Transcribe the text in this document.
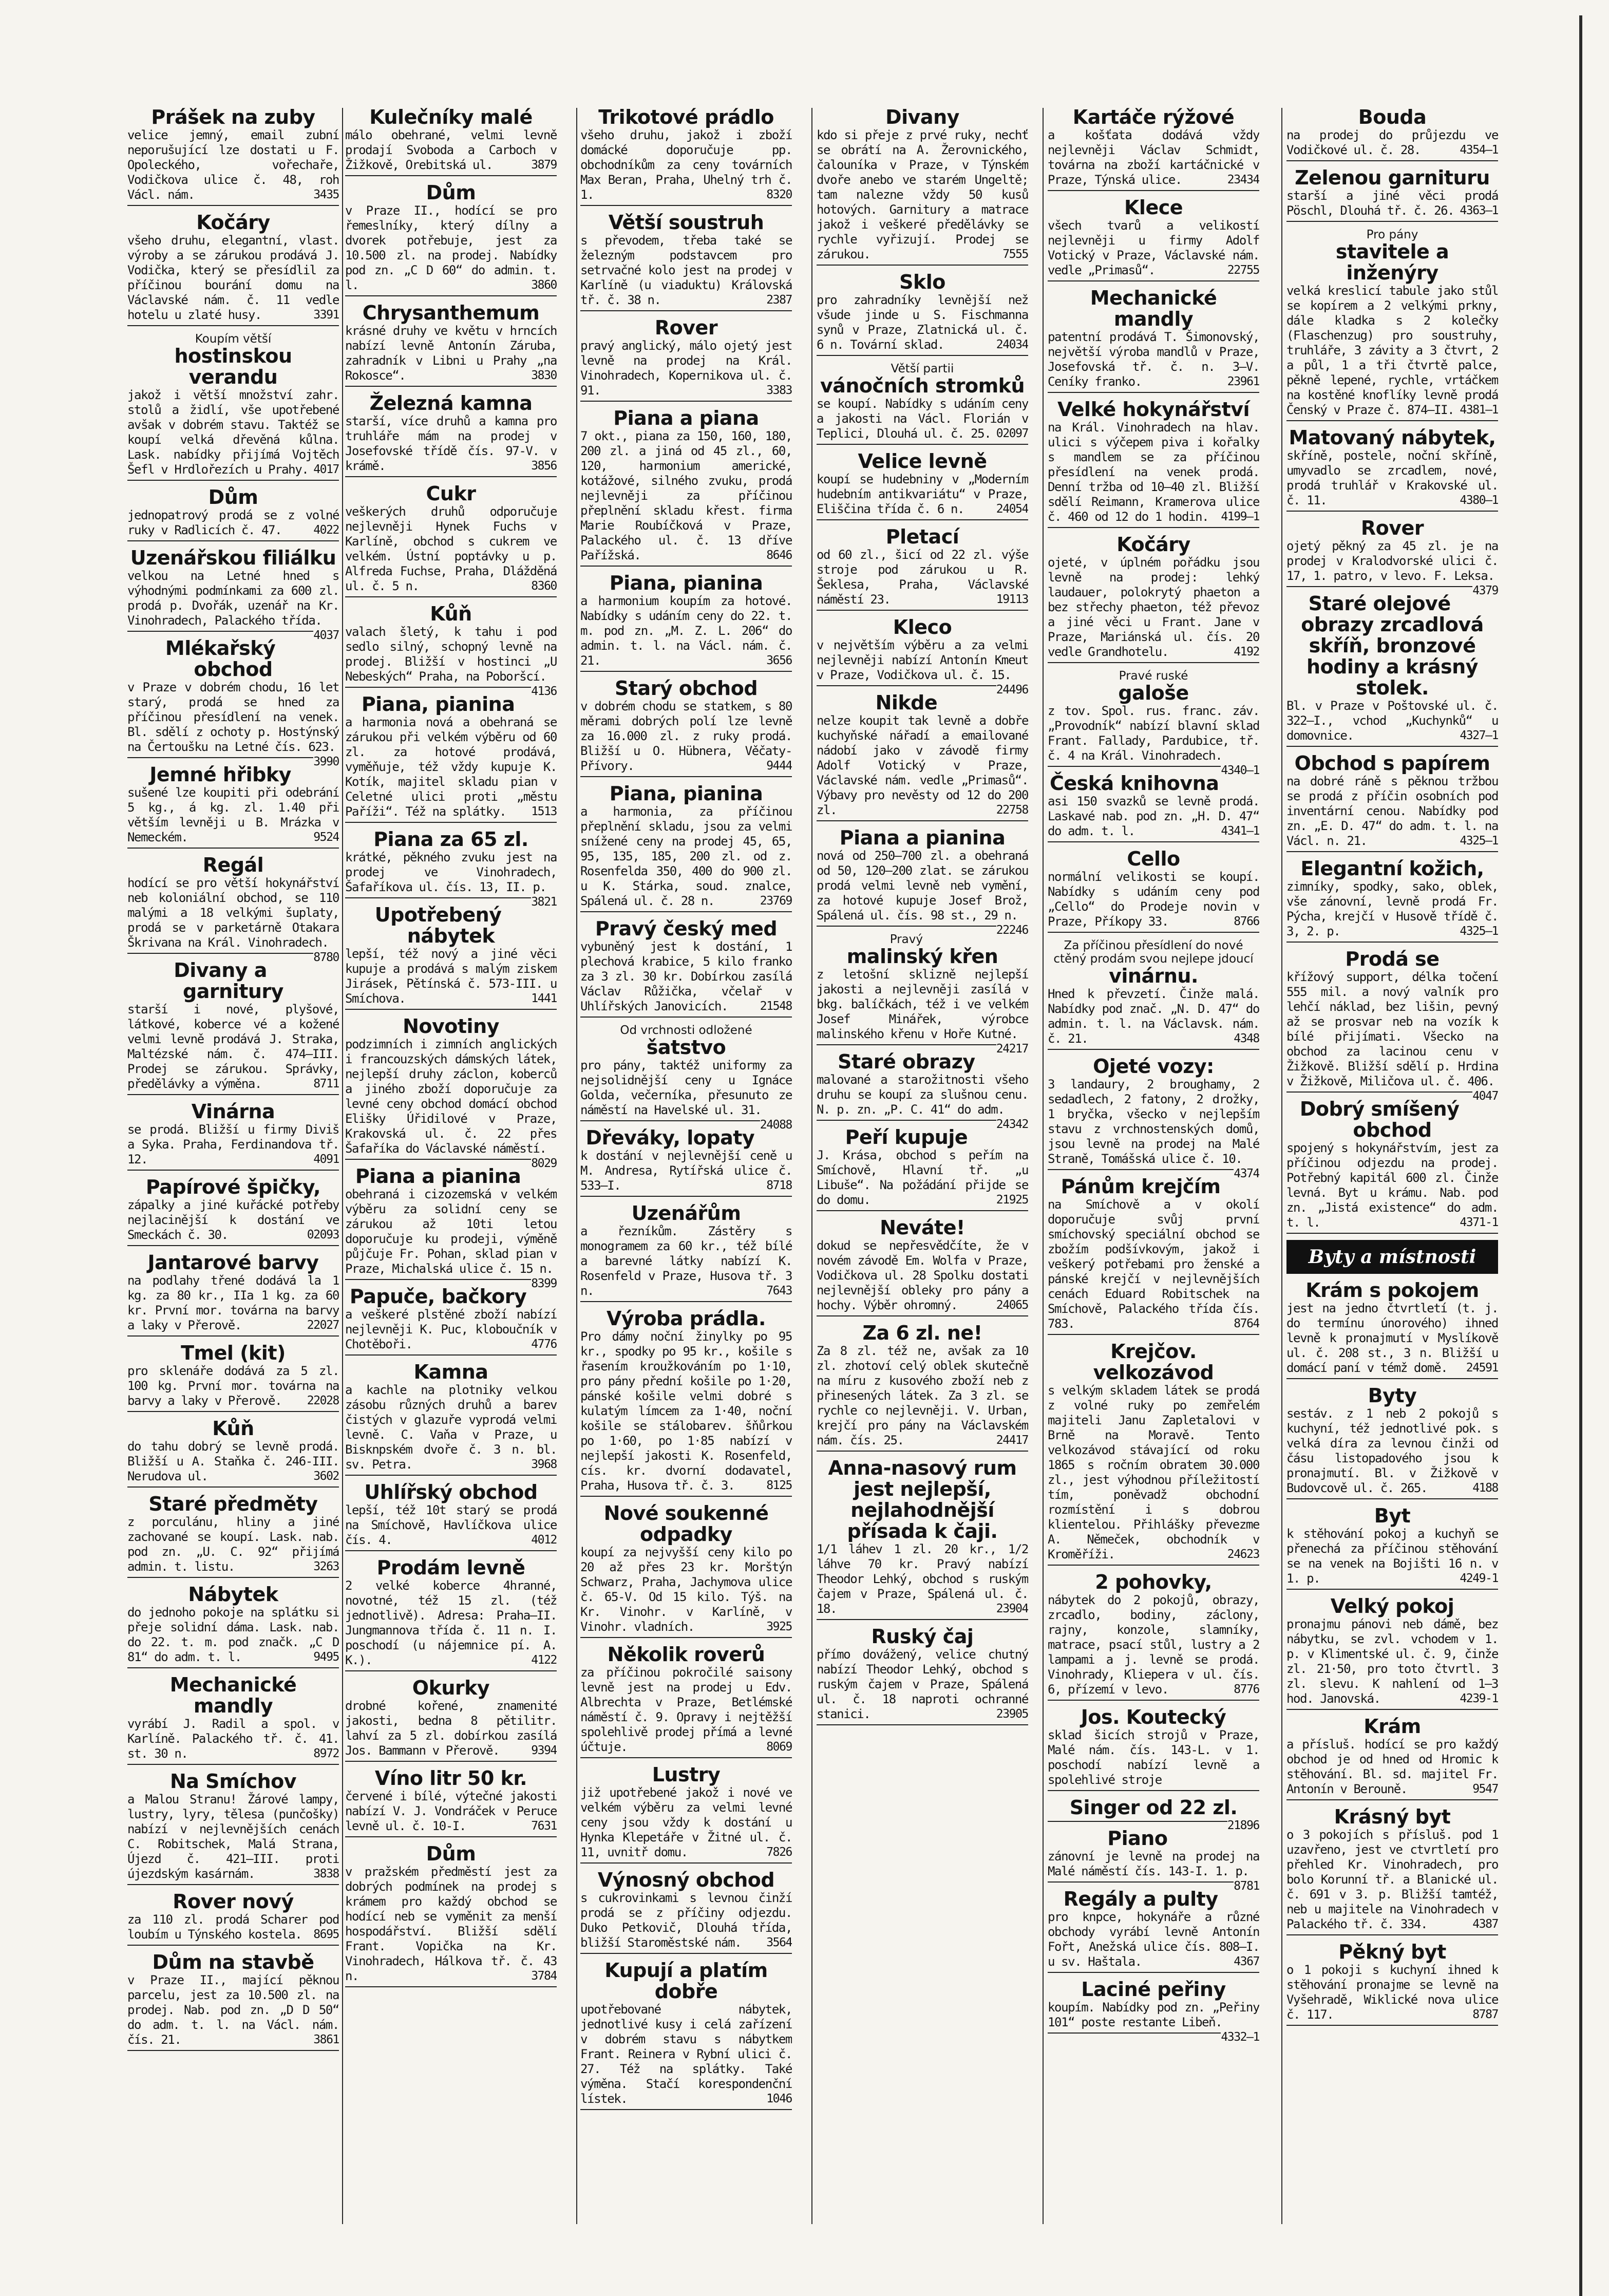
Prášek na zuby

velice jemný, email zubní neporušující lze dostati u F. Opoleckého, vořechaře, Vodičkova ulice č. 48, roh Václ. nám.	3435

Kočáry

všeho druhu, elegantní, vlast. výroby a se zárukou prodává J. Vodička, který se přesídlil za příčinou bourání domu na Václavské nám. č. 11 vedle hotelu u zlaté husy.	3391

Koupím větší
hostinskou verandu

jakož i větší množství zahr. stolů a židlí, vše upotřebené avšak v dobrém stavu. Taktéž se koupí velká dřevěná kůlna. Lask. nabídky přijímá Vojtěch Šefl v Hrdlořezích u Prahy. 4017

Dům

jednopatrový prodá se z volné ruky v Radlicích č. 47.	4022

Uzenářskou filiálku

velkou na Letné hned s výhodnými podmínkami za 600 zl. prodá p. Dvořák, uzenář na Kr. Vinohradech, Palackého třída.
4037

Mlékařský obchod

v Praze v dobrém chodu, 16 let starý, prodá se hned za příčinou přesídlení na venek. Bl. sdělí z ochoty p. Hostýnský na Čertoušku na Letné čís. 623.
3990

Jemné hřibky

sušené lze koupiti při odebrání 5 kg., á kg. zl. 1.40 při větším levněji u B. Mrázka v Nemeckém.	9524

Regál

hodící se pro větší hokynářství neb koloniální obchod, se 110 malými a 18 velkými šuplaty, prodá se v parketárně Otakara Škrivana na Král. Vinohradech.
8780

Divany a garnitury

starší i nové, plyšové, látkové, koberce vé a kožené velmi levně prodává J. Straka, Maltézské nám. č. 474—III. Prodej se zárukou. Správky, předělávky a výměna.	8711

Vinárna

se prodá. Bližší u firmy Diviš a Syka. Praha, Ferdinandova tř. 12.	4091

Papírové špičky,

zápalky a jiné kuřácké potřeby nejlacinější k dostání ve Smeckách č. 30.	02093

Jantarové barvy

na podlahy třené dodává la 1 kg. za 80 kr., IIa 1 kg. za 60 kr. První mor. továrna na barvy a laky v Přerově.	22027

Tmel (kit)

pro sklenáře dodává za 5 zl. 100 kg. První mor. továrna na barvy a laky v Přerově. 22028

Kůň

do tahu dobrý se levně prodá. Bližší u A. Staňka č. 246-III. Nerudova ul.	3602

Staré předměty

z porculánu, hliny a jiné zachované se koupí. Lask. nab. pod zn. „U. C. 92“ přijímá admin. t. listu.	3263

Nábytek

do jednoho pokoje na splátku si přeje solidní dáma. Lask. nab. do 22. t. m. pod značk. „C D 81“ do adm. t. l.	9495

Mechanické mandly

vyrábí J. Radil a spol. v Karlíně. Palackého tř. č. 41. st. 30 n.	8972

Na Smíchov

a Malou Stranu! Žárové lampy, lustry, lyry, tělesa (punčošky) nabízí v nejlevnějších cenách C. Robitschek, Malá Strana, Újezd č. 421—III. proti újezdským kasárnám.	3838

Rover nový

za 110 zl. prodá Scharer pod loubím u Týnského kostela. 8695

Dům na stavbě

v Praze II., mající pěknou parcelu, jest za 10.500 zl. na prodej. Nab. pod zn. „D D 50“ do adm. t. l. na Václ. nám. čís. 21.	3861

Kulečníky malé

málo obehrané, velmi levně prodají Svoboda a Carboch v Žižkově, Orebitská ul.	3879

Dům

v Praze II., hodící se pro řemeslníky, který dílny a dvorek potřebuje, jest za 10.500 zl. na prodej. Nabídky pod zn. „C D 60“ do admin. t. l.	3860

Chrysanthemum

krásné druhy ve květu v hrncích nabízí levně Antonín Záruba, zahradník v Libni u Prahy „na Rokosce“.	3830

Železná kamna

starší, více druhů a kamna pro truhláře mám na prodej v Josefovské třídě čís. 97-V. v krámě.	3856

Cukr

veškerých druhů odporučuje nejlevněji Hynek Fuchs v Karlíně, obchod s cukrem ve velkém. Ústní poptávky u p. Alfreda Fuchse, Praha, Dlážděná ul. č. 5 n.	8360

Kůň

valach šletý, k tahu i pod sedlo silný, schopný levně na prodej. Bližší v hostinci „U Nebeských“ Praha, na Poboršcí.
4136

Piana, pianina

a harmonia nová a obehraná se zárukou při velkém výběru od 60 zl. za hotové prodává, vyměňuje, též vždy kupuje K. Kotík, majitel skladu pian v Celetné ulici proti „městu Paříži“. Též na splátky. 1513

Piana za 65 zl.

krátké, pěkného zvuku jest na prodej ve Vinohradech, Šafaříkova ul. čís. 13, II. p.
3821

Upotřebený nábytek

lepší, též nový a jiné věci kupuje a prodává s malým ziskem Jirásek, Pětínská č. 573-III. u Smíchova.	1441

Novotiny

podzimních i zimních anglických i francouzských dámských látek, nejlepší druhy záclon, koberců a jiného zboží doporučuje za levné ceny obchod domácí obchod Elišky Úřidilové v Praze, Krakovská ul. č. 22 přes Šafaříka do Václavské náměstí.
8029

Piana a pianina

obehraná i cizozemská v velkém výběru za solidní ceny se zárukou až 10ti letou doporučuje ku prodeji, výměně půjčuje Fr. Pohan, sklad pian v Praze, Michalská ulice č. 15 n.
8399

Papuče, bačkory

a veškeré plstěné zboží nabízí nejlevněji K. Puc, kloboučník v Chotěboři.	4776

Kamna

a kachle na plotniky velkou zásobu různých druhů a barev čistých v glazuře vyprodá velmi levně. C. Vaňa v Praze, u Bisknpském dvoře č. 3 n. bl. sv. Petra.	3968

Uhlířský obchod

lepší, též 10t starý se prodá na Smíchově, Havlíčkova ulice čís. 4.	4012

Prodám levně

2 velké koberce 4hranné, novotné, též 15 zl. (též jednotlivě). Adresa: Praha—II. Jungmannova třída č. 11 n. I. poschodí (u nájemnice pí. A. K.).	4122

Okurky

drobné kořené, znamenité jakosti, bedna 8 pětilitr. lahví za 5 zl. dobírkou zasílá Jos. Bammann v Přerově.	9394

Víno litr 50 kr.

červené i bílé, výtečné jakosti nabízí V. J. Vondráček v Peruce levně ul. č. 10-I.	7631

Dům

v pražském předměstí jest za dobrých podmínek na prodej s krámem pro každý obchod se hodící neb se vyměnit za menší hospodářství. Bližší sdělí Frant. Vopička na Kr. Vinohradech, Hálkova tř. č. 43 n.	3784

Trikotové prádlo

všeho druhu, jakož i zboží domácké doporučuje pp. obchodníkům za ceny továrních Max Beran, Praha, Uhelný trh č. 1.	8320

Větší soustruh

s převodem, třeba také se železným podstavcem pro setrvačné kolo jest na prodej v Karlíně (u viaduktu) Královská tř. č. 38 n.	2387

Rover

pravý anglický, málo ojetý jest levně na prodej na Král. Vinohradech, Kopernikova ul. č. 91.	3383

Piana a piana

7 okt., piana za 150, 160, 180, 200 zl. a jiná od 45 zl., 60, 120, harmonium americké, kotážové, silného zvuku, prodá nejlevněji za příčinou přeplnění skladu křest. firma Marie Roubíčková v Praze, Palackého ul. č. 13 dříve Pařížská.	8646

Piana, pianina

a harmonium koupím za hotové. Nabídky s udáním ceny do 22. t. m. pod zn. „M. Z. L. 206“ do admin. t. l. na Václ. nám. č. 21.	3656

Starý obchod

v dobrém chodu se statkem, s 80 měrami dobrých polí lze levně za 16.000 zl. z ruky prodá. Bližší u O. Hübnera, Věčaty-Přívory.	9444

Piana, pianina

a harmonia, za příčinou přeplnění skladu, jsou za velmi snížené ceny na prodej 45, 65, 95, 135, 185, 200 zl. od z. Rosenfelda 350, 400 do 900 zl. u K. Stárka, soud. znalce, Spálená ul. č. 28 n.	23769

Pravý český med

vybuněný jest k dostání, 1 plechová krabice, 5 kilo franko za 3 zl. 30 kr. Dobírkou zasílá Václav Růžička, včelař v Uhlířských Janovicích.	21548

Od vrchnosti odložené
šatstvo

pro pány, taktéž uniformy za nejsolidnější ceny u Ignáce Golda, večerníka, přesunuto ze náměstí na Havelské ul. 31.
24088

Dřeváky, lopaty

k dostání v nejlevnější ceně u M. Andresa, Rytířská ulice č. 533—I.	8718

Uzenářům

a řezníkům. Zástěry s monogramem za 60 kr., též bílé a barevné látky nabízí K. Rosenfeld v Praze, Husova tř. 3 n.	7643

Výroba prádla.

Pro dámy noční žinylky po 95 kr., spodky po 95 kr., košile s řasením kroužkováním po 1·10, pro pány přední košile po 1·20, pánské košile velmi dobré s kulatým límcem za 1·40, noční košile se stálobarev. šňůrkou po 1·60, po 1·85 nabízí v nejlepší jakosti K. Rosenfeld, cís. kr. dvorní dodavatel, Praha, Husova tř. č. 3.	8125

Nové soukenné odpadky

koupí za nejvyšší ceny kilo po 20 až přes 23 kr. Morštýn Schwarz, Praha, Jachymova ulice č. 65-V. Od 15 kilo. Týš. na Kr. Vinohr. v Karlíně, v Vinohr. vladních.	3925

Několik roverů

za příčinou pokročilé saisony levně jest na prodej u Edv. Albrechta v Praze, Betlémské náměstí č. 9. Opravy i nejtěžší spolehlivě prodej přímá a levné účtuje.	8069

Lustry

již upotřebené jakož i nové ve velkém výběru za velmi levné ceny jsou vždy k dostání u Hynka Klepetáře v Žitné ul. č. 11, uvnitř domu.	7826

Výnosný obchod

s cukrovinkami s levnou činží prodá se z příčiny odjezdu. Duko Petkovič, Dlouhá třída, bližší Staroměstské nám. 3564

Kupují a platím dobře

upotřebované nábytek, jednotlivé kusy i celá zařízení v dobrém stavu s nábytkem Frant. Reinera v Rybní ulici č. 27. Též na splátky. Také výměna. Stačí korespondenční lístek.	1046

Divany

kdo si přeje z prvé ruky, nechť se obrátí na A. Žerovnického, čalouníka v Praze, v Týnském dvoře anebo ve starém Ungeltě; tam nalezne vždy 50 kusů hotových. Garnitury a matrace jakož i veškeré předělávky se rychle vyřizují. Prodej se zárukou.	7555

Sklo

pro zahradníky levnější než všude jinde u S. Fischmanna synů v Praze, Zlatnická ul. č. 6 n. Tovární sklad.	24034

Větší partii
vánočních stromků

se koupí. Nabídky s udáním ceny a jakosti na Václ. Florián v Teplici, Dlouhá ul. č. 25. 02097

Velice levně

koupí se hudebniny v „Moderním hudebním antikvariátu“ v Praze, Eliščina třída č. 6 n.	24054

Pletací

od 60 zl., šicí od 22 zl. výše stroje pod zárukou u R. Šeklesa, Praha, Václavské náměstí 23.	19113

Kleco

v největším výběru a za velmi nejlevněji nabízí Antonín Kmeut v Praze, Vodičkova ul. č. 15.
24496

Nikde

nelze koupit tak levně a dobře kuchyňské nářadí a emailované nádobí jako v závodě firmy Adolf Votický v Praze, Václavské nám. vedle „Primasů“. Výbavy pro nevěsty od 12 do 200 zl.	22758

Piana a pianina

nová od 250—700 zl. a obehraná od 50, 120—200 zlat. se zárukou prodá velmi levně neb vymění, za hotové kupuje Josef Brož, Spálená ul. čís. 98 st., 29 n.
22246

Pravý
malinský křen

z letošní sklizně nejlepší jakosti a nejlevněji zasílá v bkg. balíčkách, též i ve velkém Josef Minářek, výrobce malinského křenu v Hoře Kutné.
24217

Staré obrazy

malované a starožitnosti všeho druhu se koupí za slušnou cenu. N. p. zn. „P. C. 41“ do adm.
24342

Peří kupuje

J. Krása, obchod s peřím na Smíchově, Hlavní tř. „u Libuše“. Na požádání přijde se do domu.	21925

Neváte!

dokud se nepřesvědčíte, že v novém závodě Em. Wolfa v Praze, Vodičkova ul. 28 Spolku dostati nejlevnější obleky pro pány a hochy. Výběr ohromný.	24065

Za 6 zl. ne!

Za 8 zl. též ne, avšak za 10 zl. zhotoví celý oblek skutečně na míru z kusového zboží neb z přinesených látek. Za 3 zl. se rychle co nejlevněji. V. Urban, krejčí pro pány na Václavském nám. čís. 25.	24417

Anna-nasový rum jest nejlepší, nejlahodnější přísada k čaji.

1/1 láhev 1 zl. 20 kr., 1/2 láhve 70 kr. Pravý nabízí Theodor Lehký, obchod s ruským čajem v Praze, Spálená ul. č. 18.	23904

Ruský čaj

přímo dovážený, velice chutný nabízí Theodor Lehký, obchod s ruským čajem v Praze, Spálená ul. č. 18 naproti ochranné stanici.	23905

Kartáče rýžové

a košťata dodává vždy nejlevněji Václav Schmidt, továrna na zboží kartáčnické v Praze, Týnská ulice.	23434

Klece

všech tvarů a velikostí nejlevněji u firmy Adolf Votický v Praze, Václavské nám. vedle „Primasů“.	22755

Mechanické mandly

patentní prodává T. Šimonovský, největší výroba mandlů v Praze, Josefovská tř. č. n. 3—V. Ceníky franko.	23961

Velké hokynářství

na Král. Vinohradech na hlav. ulici s výčepem piva i kořalky s mandlem se za příčinou přesídlení na venek prodá. Denní tržba od 10—40 zl. Bližší sdělí Reimann, Kramerova ulice č. 460 od 12 do 1 hodin. 4199—1

Kočáry

ojeté, v úplném pořádku jsou levně na prodej: lehký laudauer, polokrytý phaeton a bez střechy phaeton, též převoz a jiné věci u Frant. Jane v Praze, Mariánská ul. čís. 20 vedle Grandhotelu.	4192

Pravé ruské
galoše

z tov. Spol. rus. franc. záv. „Provodník“ nabízí blavní sklad Frant. Fallady, Pardubice, tř. č. 4 na Král. Vinohradech.
4340—1

Česká knihovna

asi 150 svazků se levně prodá. Laskavé nab. pod zn. „H. D. 47“ do adm. t. l.	4341—1

Cello

normální velikosti se koupí. Nabídky s udáním ceny pod „Cello“ do Prodeje novin v Praze, Příkopy 33.	8766

Za příčinou přesídlení do nové ctěný prodám svou nejlepe jdoucí
vinárnu.

Hned k převzetí. Činže malá. Nabídky pod znač. „N. D. 47“ do admin. t. l. na Václavsk. nám. č. 21.	4348

Ojeté vozy:

3 landaury, 2 broughamy, 2 sedadlech, 2 fatony, 2 drožky, 1 bryčka, všecko v nejlepším stavu z vrchnostenských domů, jsou levně na prodej na Malé Straně, Tomášská ulice č. 10.
4374

Pánům krejčím

na Smíchově a v okolí doporučuje svůj první smíchovský speciální obchod se zbožím podšívkovým, jakož i veškerý potřebami pro ženské a pánské krejčí v nejlevnějších cenách Eduard Robitschek na Smíchově, Palackého třída čís. 783.	8764

Krejčov. velkozávod

s velkým skladem látek se prodá z volné ruky po zemřelém majiteli Janu Zapletalovi v Brně na Moravě. Tento velkozávod stávající od roku 1865 s ročním obratem 30.000 zl., jest výhodnou příležitostí tím, poněvadž obchodní rozmístění i s dobrou klientelou. Přihlášky převezme A. Němeček, obchodník v Kroměříži.	24623

2 pohovky,

nábytek do 2 pokojů, obrazy, zrcadlo, bodiny, záclony, rajny, konzole, slamníky, matrace, psací stůl, lustry a 2 lampami a j. levně se prodá. Vinohrady, Kliepera v ul. čís. 6, přízemí v levo.	8776

Jos. Koutecký

sklad šicích strojů v Praze, Malé nám. čís. 143-L. v 1. poschodí nabízí levně a spolehlivé stroje

Singer od 22 zl.

21896

Piano

zánovní je levně na prodej na Malé náměstí čís. 143-I. 1. p.
8781

Regály a pulty

pro knpce, hokynáře a různé obchody vyrábí levně Antonín Fořt, Anežská ulice čís. 808—I. u sv. Haštala.	4367

Laciné peřiny

koupím. Nabídky pod zn. „Peřiny 101“ poste restante Libeň.
4332—1

Bouda

na prodej do průjezdu ve Vodičkové ul. č. 28.	4354—1

Zelenou garnituru

starší a jiné věci prodá Pöschl, Dlouhá tř. č. 26. 4363—1

Pro pány
stavitele a inženýry

velká kreslicí tabule jako stůl se kopírem a 2 velkými prkny, dále kladka s 2 kolečky (Flaschenzug) pro soustruhy, truhláře, 3 závity a 3 čtvrt, 2 a půl, 1 a tři čtvrtě palce, pěkně lepené, rychle, vrtáčkem na kostěné knoflíky levně prodá Čenský v Praze č. 874—II. 4381—1

Matovaný nábytek,

skříně, postele, noční skříně, umyvadlo se zrcadlem, nové, prodá truhlář v Krakovské ul. č. 11.	4380—1

Rover

ojetý pěkný za 45 zl. je na prodej v Kralodvorské ulici č. 17, 1. patro, v levo. F. Leksa.
4379

Staré olejové obrazy zrcadlová skříň, bronzové hodiny a krásný stolek.

Bl. v Praze v Poštovské ul. č. 322—I., vchod „Kuchynků“ u domovnice.	4327—1

Obchod s papírem

na dobré ráně s pěknou tržbou se prodá z příčin osobních pod inventární cenou. Nabídky pod zn. „E. D. 47“ do adm. t. l. na Václ. n. 21.	4325—1

Elegantní kožich,

zimníky, spodky, sako, oblek, vše zánovní, levně prodá Fr. Pýcha, krejčí v Husově třídě č. 3, 2. p.	4325—1

Prodá se

křížový support, délka točení 555 mil. a nový valník pro lehčí náklad, bez lišin, pevný až se prosvar neb na vozík k bílé přijímati. Všecko na obchod za lacinou cenu v Žižkově. Bližší sdělí p. Hrdina v Žižkově, Miličova ul. č. 406.
4047

Dobrý smíšený obchod

spojený s hokynářstvím, jest za příčinou odjezdu na prodej. Potřebný kapitál 600 zl. Činže levná. Byt u krámu. Nab. pod zn. „Jistá existence“ do adm. t. l.	4371-1

Byty a místnosti
Krám s pokojem

jest na jedno čtvrtletí (t. j. do termínu únorového) ihned levně k pronajmutí v Myslíkově ul. č. 208 st., 3 n. Bližší u domácí paní v témž domě. 24591

Byty

sestáv. z 1 neb 2 pokojů s kuchyní, též jednotlivé pok. s velká díra za levnou činži od čásu listopadového jsou k pronajmutí. Bl. v Žižkově v Budovcově ul. č. 265.	4188

Byt

k stěhování pokoj a kuchyň se přenechá za příčinou stěhování se na venek na Bojišti 16 n. v 1. p.	4249-1

Velký pokoj

pronajmu pánovi neb dámě, bez nábytku, se zvl. vchodem v 1. p. v Klimentské ul. č. 9, činže zl. 21·50, pro toto čtvrtl. 3 zl. slevu. K nahlení od 1—3 hod. Janovská.	4239-1

Krám

a přísluš. hodící se pro každý obchod je od hned od Hromic k stěhování. Bl. sd. majitel Fr. Antonín v Berouně.	9547

Krásný byt

o 3 pokojích s přísluš. pod 1 uzavřeno, jest ve ctvrtletí pro přehled Kr. Vinohradech, pro bolo Korunní tř. a Blanické ul. č. 691 v 3. p. Bližší tamtéž, neb u majitele na Vinohradech v Palackého tř. č. 334.	4387

Pěkný byt

o 1 pokoji s kuchyní ihned k stěhování pronajme se levně na Vyšehradě, Wiklické nova ulice č. 117.	8787
